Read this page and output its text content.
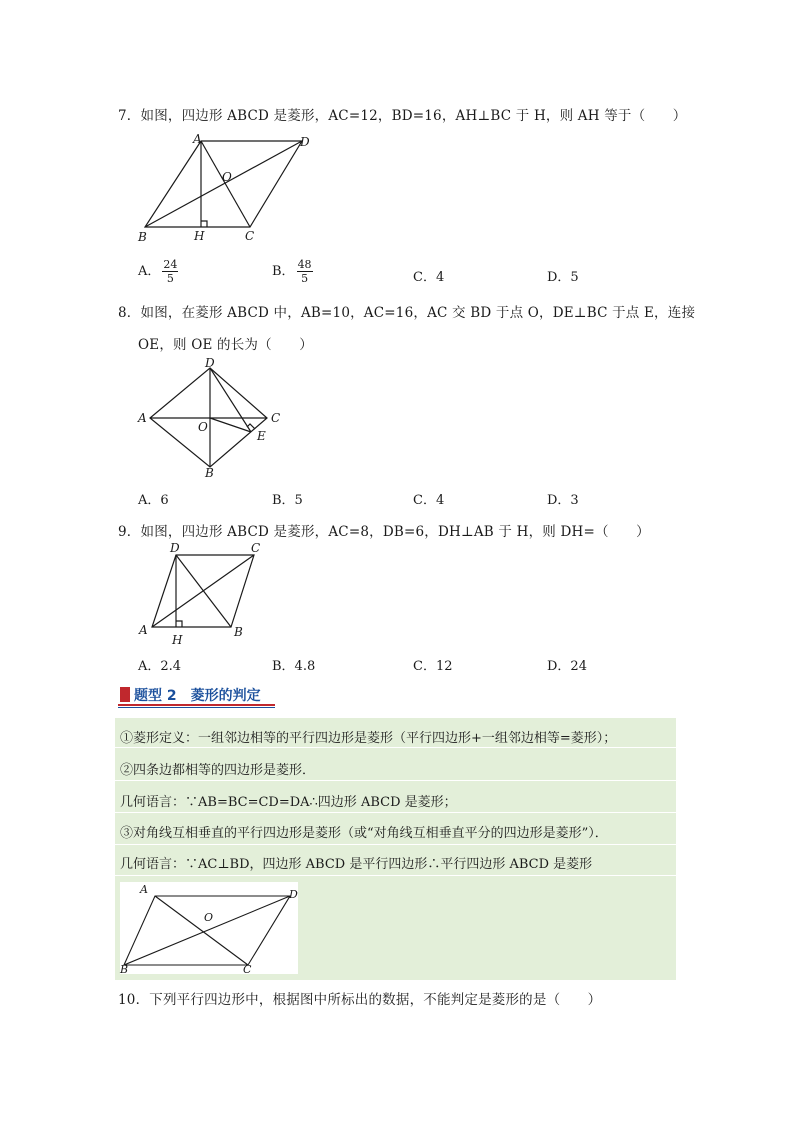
7．如图，四边形 ABCD 是菱形，AC=12，BD=16，AH⊥BC 于 H，则 AH 等于（　　）
A	D
O
B	H	C
A． $\frac{24}{5}$	B． $\frac{48}{5}$	C．4	D．5
8．如图，在菱形 ABCD 中，AB=10，AC=16，AC 交 BD 于点 O，DE⊥BC 于点 E，连接
OE，则 OE 的长为（　　）
D
A	C
O
E
B
A．6	B．5	C．4	D．3
9．如图，四边形 ABCD 是菱形，AC=8，DB=6，DH⊥AB 于 H，则 DH=（　　）
D	C
A	B
H
A．2.4	B．4.8	C．12	D．24
题型 2　菱形的判定
①菱形定义：一组邻边相等的平行四边形是菱形（平行四边形+一组邻边相等=菱形）；
②四条边都相等的四边形是菱形．
几何语言：∵AB=BC=CD=DA∴四边形 ABCD 是菱形；
③对角线互相垂直的平行四边形是菱形（或“对角线互相垂直平分的四边形是菱形”）．
几何语言：∵AC⊥BD，四边形 ABCD 是平行四边形∴平行四边形 ABCD 是菱形
A	D
O
B	C
10．下列平行四边形中，根据图中所标出的数据，不能判定是菱形的是（　　）
